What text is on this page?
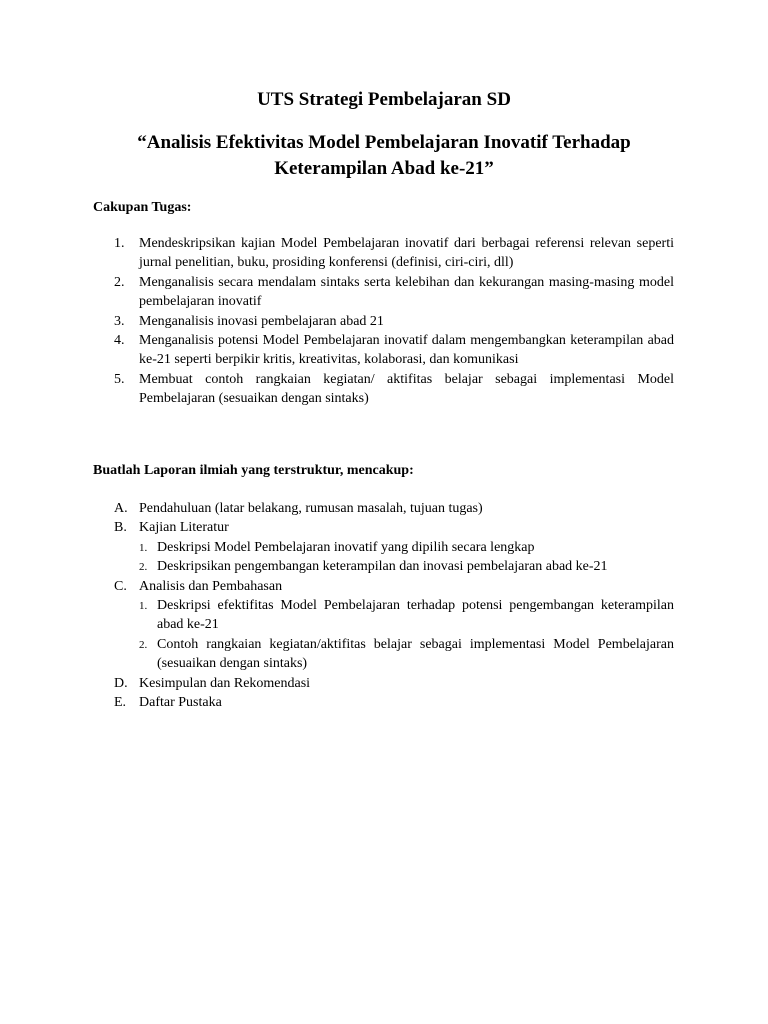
UTS Strategi Pembelajaran SD
“Analisis Efektivitas Model Pembelajaran Inovatif Terhadap Keterampilan Abad ke-21”
Cakupan Tugas:
1. Mendeskripsikan kajian Model Pembelajaran inovatif dari berbagai referensi relevan seperti jurnal penelitian, buku, prosiding konferensi (definisi, ciri-ciri, dll)
2. Menganalisis secara mendalam sintaks serta kelebihan dan kekurangan masing-masing model pembelajaran inovatif
3. Menganalisis inovasi pembelajaran abad 21
4. Menganalisis potensi Model Pembelajaran inovatif dalam mengembangkan keterampilan abad ke-21 seperti berpikir kritis, kreativitas, kolaborasi, dan komunikasi
5. Membuat contoh rangkaian kegiatan/ aktifitas belajar sebagai implementasi Model Pembelajaran (sesuaikan dengan sintaks)
Buatlah Laporan ilmiah yang terstruktur, mencakup:
A. Pendahuluan (latar belakang, rumusan masalah, tujuan tugas)
B. Kajian Literatur
1. Deskripsi Model Pembelajaran inovatif yang dipilih secara lengkap
2. Deskripsikan pengembangan keterampilan dan inovasi pembelajaran abad ke-21
C. Analisis dan Pembahasan
1. Deskripsi efektifitas Model Pembelajaran terhadap potensi pengembangan keterampilan abad ke-21
2. Contoh rangkaian kegiatan/aktifitas belajar sebagai implementasi Model Pembelajaran (sesuaikan dengan sintaks)
D. Kesimpulan dan Rekomendasi
E. Daftar Pustaka
